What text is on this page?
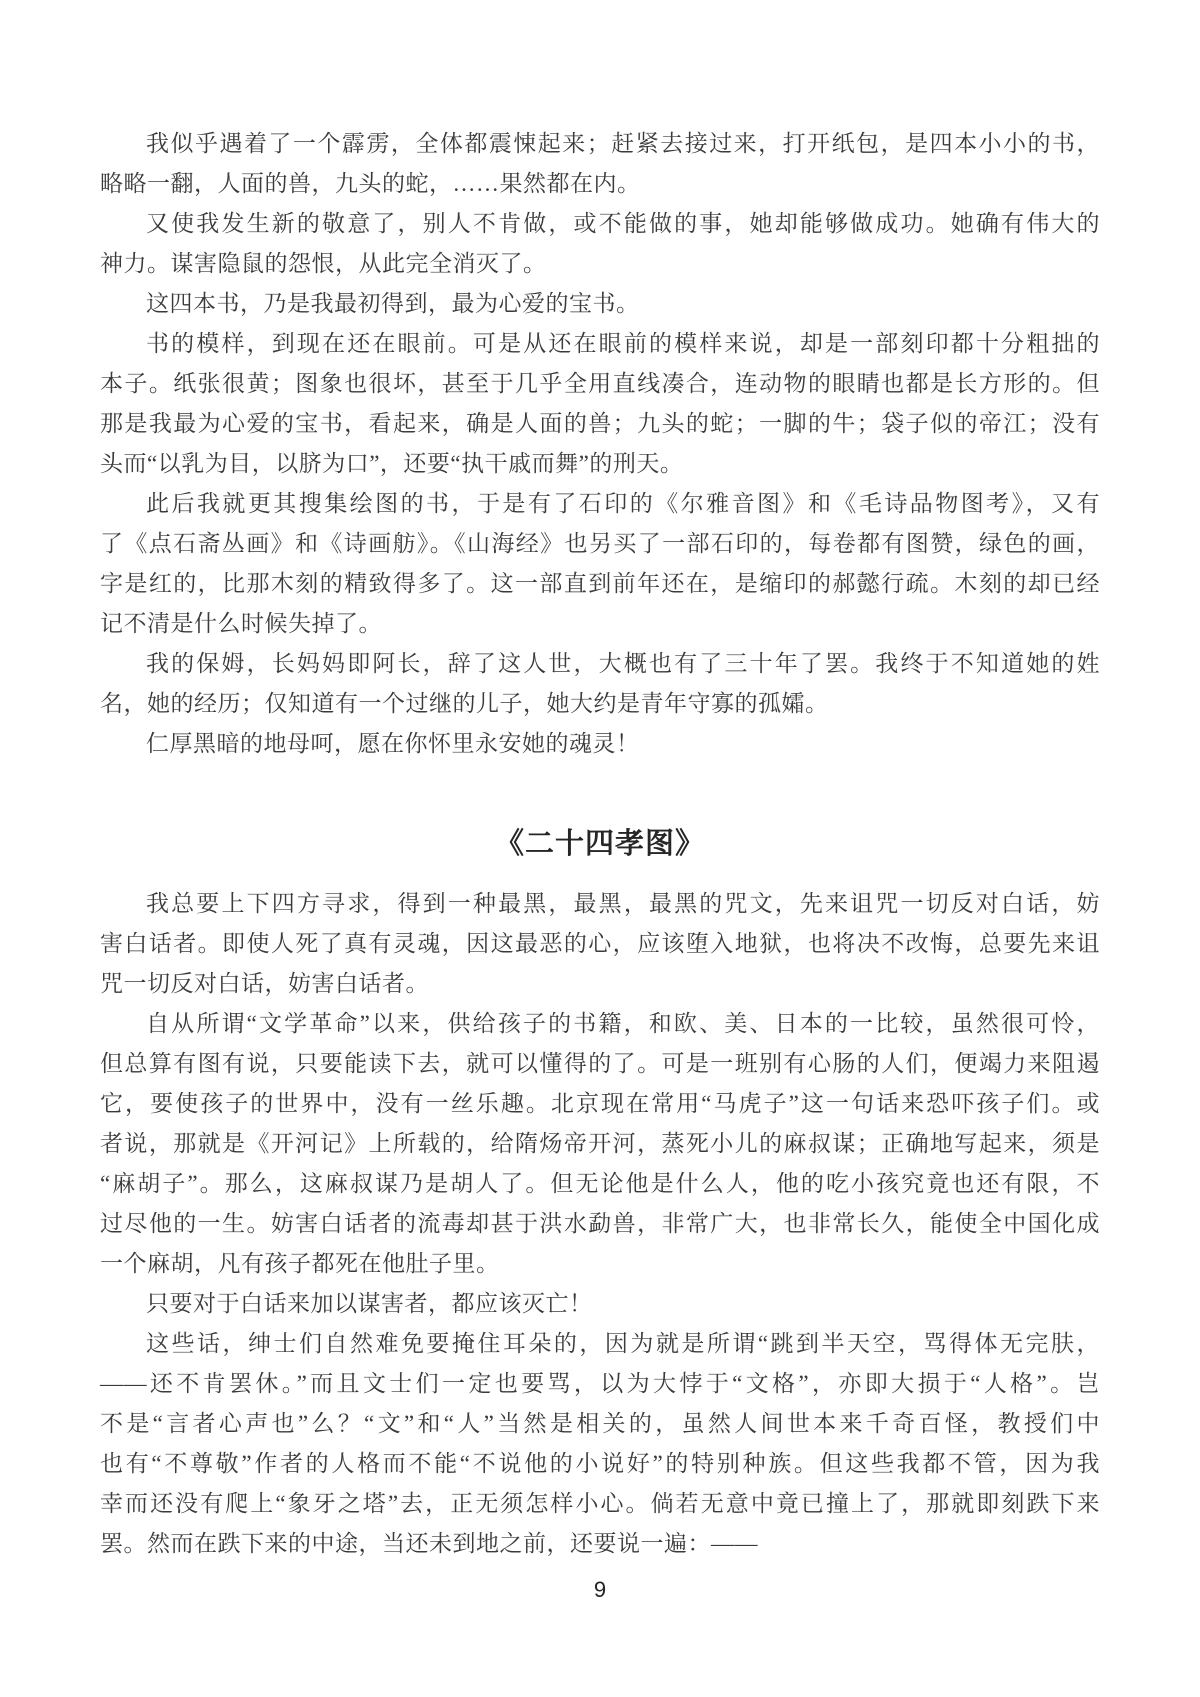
我似乎遇着了一个霹雳，全体都震悚起来；赶紧去接过来，打开纸包，是四本小小的书，
略略一翻，人面的兽，九头的蛇，……果然都在内。
又使我发生新的敬意了，别人不肯做，或不能做的事，她却能够做成功。她确有伟大的
神力。谋害隐鼠的怨恨，从此完全消灭了。
这四本书，乃是我最初得到，最为心爱的宝书。
书的模样，到现在还在眼前。可是从还在眼前的模样来说，却是一部刻印都十分粗拙的
本子。纸张很黄；图象也很坏，甚至于几乎全用直线凑合，连动物的眼睛也都是长方形的。但
那是我最为心爱的宝书，看起来，确是人面的兽；九头的蛇；一脚的牛；袋子似的帝江；没有
头而“以乳为目，以脐为口”，还要“执干戚而舞”的刑天。
此后我就更其搜集绘图的书，于是有了石印的《尔雅音图》和《毛诗品物图考》，又有
了《点石斋丛画》和《诗画舫》。《山海经》也另买了一部石印的，每卷都有图赞，绿色的画，
字是红的，比那木刻的精致得多了。这一部直到前年还在，是缩印的郝懿行疏。木刻的却已经
记不清是什么时候失掉了。
我的保姆，长妈妈即阿长，辞了这人世，大概也有了三十年了罢。我终于不知道她的姓
名，她的经历；仅知道有一个过继的儿子，她大约是青年守寡的孤孀。
仁厚黑暗的地母呵，愿在你怀里永安她的魂灵！
《二十四孝图》
我总要上下四方寻求，得到一种最黑，最黑，最黑的咒文，先来诅咒一切反对白话，妨
害白话者。即使人死了真有灵魂，因这最恶的心，应该堕入地狱，也将决不改悔，总要先来诅
咒一切反对白话，妨害白话者。
自从所谓“文学革命”以来，供给孩子的书籍，和欧、美、日本的一比较，虽然很可怜，
但总算有图有说，只要能读下去，就可以懂得的了。可是一班别有心肠的人们，便竭力来阻遏
它，要使孩子的世界中，没有一丝乐趣。北京现在常用“马虎子”这一句话来恐吓孩子们。或
者说，那就是《开河记》上所载的，给隋炀帝开河，蒸死小儿的麻叔谋；正确地写起来，须是
“麻胡子”。那么，这麻叔谋乃是胡人了。但无论他是什么人，他的吃小孩究竟也还有限，不
过尽他的一生。妨害白话者的流毒却甚于洪水勐兽，非常广大，也非常长久，能使全中国化成
一个麻胡，凡有孩子都死在他肚子里。
只要对于白话来加以谋害者，都应该灭亡！
这些话，绅士们自然难免要掩住耳朵的，因为就是所谓“跳到半天空，骂得体无完肤，
——还不肯罢休。”而且文士们一定也要骂，以为大悖于“文格”，亦即大损于“人格”。岂
不是“言者心声也”么？“文”和“人”当然是相关的，虽然人间世本来千奇百怪，教授们中
也有“不尊敬”作者的人格而不能“不说他的小说好”的特别种族。但这些我都不管，因为我
幸而还没有爬上“象牙之塔”去，正无须怎样小心。倘若无意中竟已撞上了，那就即刻跌下来
罢。然而在跌下来的中途，当还未到地之前，还要说一遍：——
9
